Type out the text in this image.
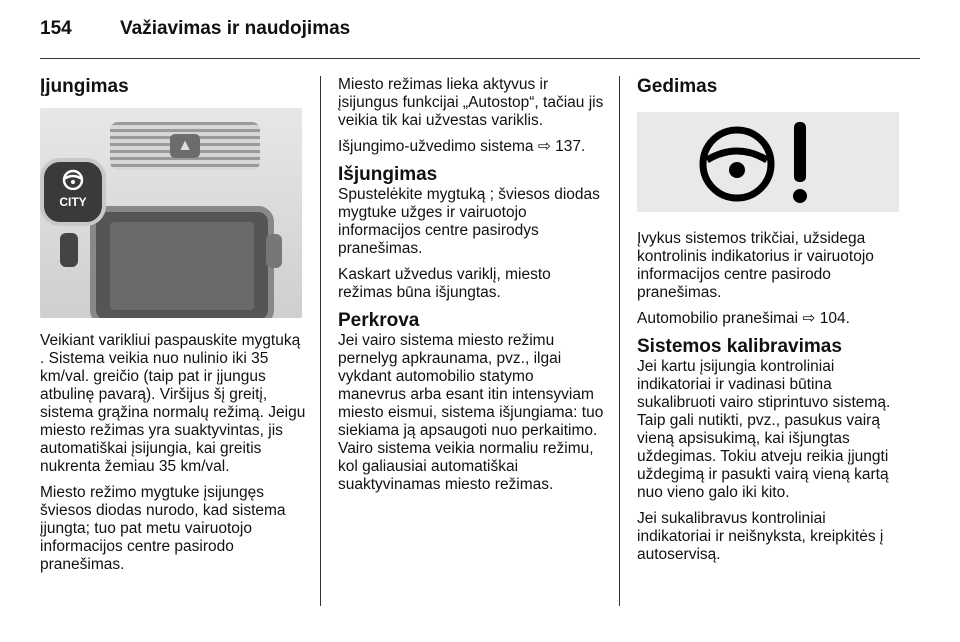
154	Važiavimas ir naudojimas
Įjungimas
▲
CITY

Veikiant varikliui paspauskite mygtuką . Sistema veikia nuo nulinio iki 35 km/val. greičio (taip pat ir įjungus atbulinę pavarą). Viršijus šį greitį, sistema grąžina normalų režimą. Jeigu miesto režimas yra suaktyvintas, jis automatiškai įsijungia, kai greitis nukrenta žemiau 35 km/val.

Miesto režimo mygtuke įsijungęs šviesos diodas nurodo, kad sistema įjungta; tuo pat metu vairuotojo informacijos centre pasirodo pranešimas.

Miesto režimas lieka aktyvus ir įsijungus funkcijai „Autostop“, tačiau jis veikia tik kai užvestas variklis.

Išjungimo-užvedimo sistema ⇨ 137.

Išjungimas

Spustelėkite mygtuką ; šviesos diodas mygtuke užges ir vairuotojo informacijos centre pasirodys pranešimas.

Kaskart užvedus variklį, miesto režimas būna išjungtas.

Perkrova

Jei vairo sistema miesto režimu pernelyg apkraunama, pvz., ilgai vykdant automobilio statymo manevrus arba esant itin intensyviam miesto eismui, sistema išjungiama: tuo siekiama ją apsaugoti nuo perkaitimo. Vairo sistema veikia normaliu režimu, kol galiausiai automatiškai suaktyvinamas miesto režimas.

Gedimas

Įvykus sistemos trikčiai, užsidega kontrolinis indikatorius ir vairuotojo informacijos centre pasirodo pranešimas.

Automobilio pranešimai ⇨ 104.

Sistemos kalibravimas

Jei kartu įsijungia kontroliniai indikatoriai ir vadinasi būtina sukalibruoti vairo stiprintuvo sistemą. Taip gali nutikti, pvz., pasukus vairą vieną apsisukimą, kai išjungtas uždegimas. Tokiu atveju reikia įjungti uždegimą ir pasukti vairą vieną kartą nuo vieno galo iki kito.

Jei sukalibravus kontroliniai indikatoriai ir neišnyksta, kreipkitės į autoservisą.
